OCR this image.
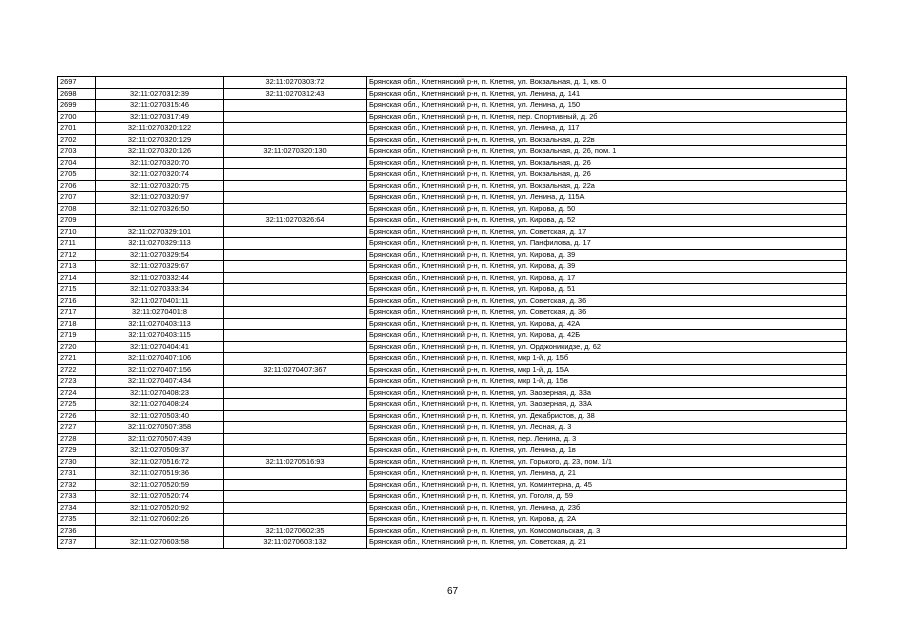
2697		32:11:0270303:72	Брянская обл., Клетнянский р-н, п. Клетня, ул. Вокзальная, д. 1, кв. 0
2698	32:11:0270312:39	32:11:0270312:43	Брянская обл., Клетнянский р-н, п. Клетня, ул. Ленина, д. 141
2699	32:11:0270315:46		Брянская обл., Клетнянский р-н, п. Клетня, ул. Ленина, д. 150
2700	32:11:0270317:49		Брянская обл., Клетнянский р-н, п. Клетня, пер. Спортивный, д. 2б
2701	32:11:0270320:122		Брянская обл., Клетнянский р-н, п. Клетня, ул. Ленина, д. 117
2702	32:11:0270320:129		Брянская обл., Клетнянский р-н, п. Клетня, ул. Вокзальная, д. 22в
2703	32:11:0270320:126	32:11:0270320:130	Брянская обл., Клетнянский р-н, п. Клетня, ул. Вокзальная, д. 26, пом. 1
2704	32:11:0270320:70		Брянская обл., Клетнянский р-н, п. Клетня, ул. Вокзальная, д. 26
2705	32:11:0270320:74		Брянская обл., Клетнянский р-н, п. Клетня, ул. Вокзальная, д. 26
2706	32:11:0270320:75		Брянская обл., Клетнянский р-н, п. Клетня, ул. Вокзальная, д. 22а
2707	32:11:0270320:97		Брянская обл., Клетнянский р-н, п. Клетня, ул. Ленина, д. 115А
2708	32:11:0270326:50		Брянская обл., Клетнянский р-н, п. Клетня, ул. Кирова, д. 50
2709		32:11:0270326:64	Брянская обл., Клетнянский р-н, п. Клетня, ул. Кирова, д. 52
2710	32:11:0270329:101		Брянская обл., Клетнянский р-н, п. Клетня, ул. Советская, д. 17
2711	32:11:0270329:113		Брянская обл., Клетнянский р-н, п. Клетня, ул. Панфилова, д. 17
2712	32:11:0270329:54		Брянская обл., Клетнянский р-н, п. Клетня, ул. Кирова, д. 39
2713	32:11:0270329:67		Брянская обл., Клетнянский р-н, п. Клетня, ул. Кирова, д. 39
2714	32:11:0270332:44		Брянская обл., Клетнянский р-н, п. Клетня, ул. Кирова, д. 17
2715	32:11:0270333:34		Брянская обл., Клетнянский р-н, п. Клетня, ул. Кирова, д. 51
2716	32:11:0270401:11		Брянская обл., Клетнянский р-н, п. Клетня, ул. Советская, д. 36
2717	32:11:0270401:8		Брянская обл., Клетнянский р-н, п. Клетня, ул. Советская, д. 36
2718	32:11:0270403:113		Брянская обл., Клетнянский р-н, п. Клетня, ул. Кирова, д. 42А
2719	32:11:0270403:115		Брянская обл., Клетнянский р-н, п. Клетня, ул. Кирова, д. 42Б
2720	32:11:0270404:41		Брянская обл., Клетнянский р-н, п. Клетня, ул. Орджоникидзе, д. 62
2721	32:11:0270407:106		Брянская обл., Клетнянский р-н, п. Клетня, мкр 1-й, д. 15б
2722	32:11:0270407:156	32:11:0270407:367	Брянская обл., Клетнянский р-н, п. Клетня, мкр 1-й, д. 15А
2723	32:11:0270407:434		Брянская обл., Клетнянский р-н, п. Клетня, мкр 1-й, д. 15в
2724	32:11:0270408:23		Брянская обл., Клетнянский р-н, п. Клетня, ул. Заозерная, д. 33а
2725	32:11:0270408:24		Брянская обл., Клетнянский р-н, п. Клетня, ул. Заозерная, д. 33А
2726	32:11:0270503:40		Брянская обл., Клетнянский р-н, п. Клетня, ул. Декабристов, д. 38
2727	32:11:0270507:358		Брянская обл., Клетнянский р-н, п. Клетня, ул. Лесная, д. 3
2728	32:11:0270507:439		Брянская обл., Клетнянский р-н, п. Клетня, пер. Ленина, д. 3
2729	32:11:0270509:37		Брянская обл., Клетнянский р-н, п. Клетня, ул. Ленина, д. 1в
2730	32:11:0270516:72	32:11:0270516:93	Брянская обл., Клетнянский р-н, п. Клетня, ул. Горького, д. 23, пом. 1/1
2731	32:11:0270519:36		Брянская обл., Клетнянский р-н, п. Клетня, ул. Ленина, д. 21
2732	32:11:0270520:59		Брянская обл., Клетнянский р-н, п. Клетня, ул. Коминтерна, д. 45
2733	32:11:0270520:74		Брянская обл., Клетнянский р-н, п. Клетня, ул. Гоголя, д. 59
2734	32:11:0270520:92		Брянская обл., Клетнянский р-н, п. Клетня, ул. Ленина, д. 23б
2735	32:11:0270602:26		Брянская обл., Клетнянский р-н, п. Клетня, ул. Кирова, д. 2А
2736		32:11:0270602:35	Брянская обл., Клетнянский р-н, п. Клетня, ул. Комсомольская, д. 3
2737	32:11:0270603:58	32:11:0270603:132	Брянская обл., Клетнянский р-н, п. Клетня, ул. Советская, д. 21
67
